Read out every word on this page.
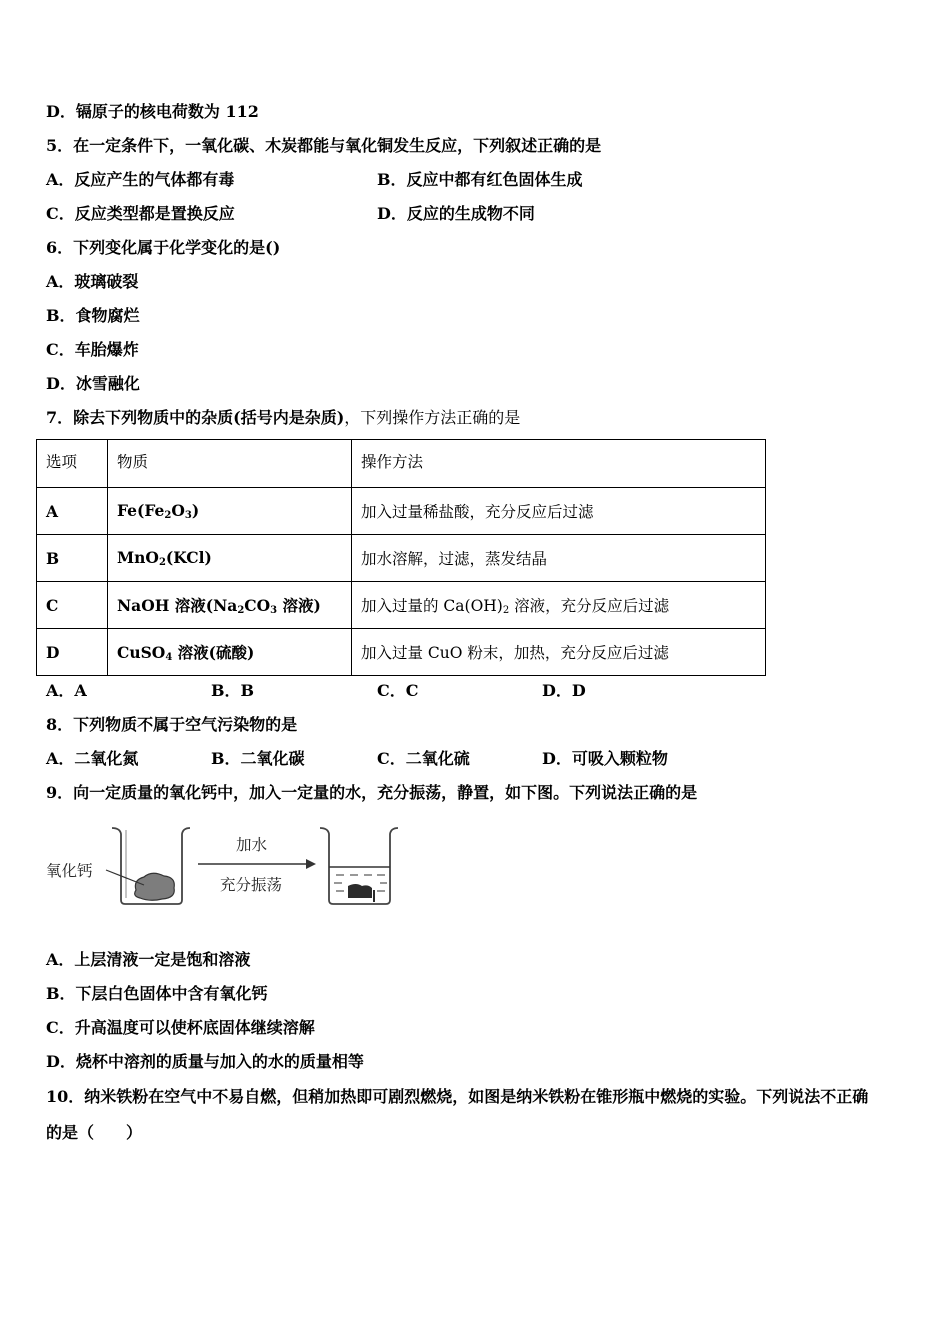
D．镉原子的核电荷数为 112
5．在一定条件下，一氧化碳、木炭都能与氧化铜发生反应，下列叙述正确的是
A．反应产生的气体都有毒	B．反应中都有红色固体生成
C．反应类型都是置换反应	D．反应的生成物不同
6．下列变化属于化学变化的是()
A．玻璃破裂
B．食物腐烂
C．车胎爆炸
D．冰雪融化
7．除去下列物质中的杂质(括号内是杂质)，下列操作方法正确的是
选项	物质	操作方法
A	$Fe(Fe_2O_3)$	加入过量稀盐酸，充分反应后过滤
B	MnO$_2$(KCl)	加水溶解，过滤，蒸发结晶
C	NaOH 溶液($Na_2CO_3$ 溶液)	加入过量的 $Ca(OH)_2$ 溶液，充分反应后过滤
D	CuSO$_4$ 溶液(硫酸)	加入过量 CuO 粉末，加热，充分反应后过滤
A．A	B．B	C．C	D．D
8．下列物质不属于空气污染物的是
A．二氧化氮	B．二氧化碳	C．二氧化硫	D．可吸入颗粒物
9．向一定质量的氧化钙中，加入一定量的水，充分振荡，静置，如下图。下列说法正确的是
氧化钙
加水
充分振荡
A．上层清液一定是饱和溶液
B．下层白色固体中含有氧化钙
C．升高温度可以使杯底固体继续溶解
D．烧杯中溶剂的质量与加入的水的质量相等
10．纳米铁粉在空气中不易自燃，但稍加热即可剧烈燃烧，如图是纳米铁粉在锥形瓶中燃烧的实验。下列说法不正确
的是（　　）
